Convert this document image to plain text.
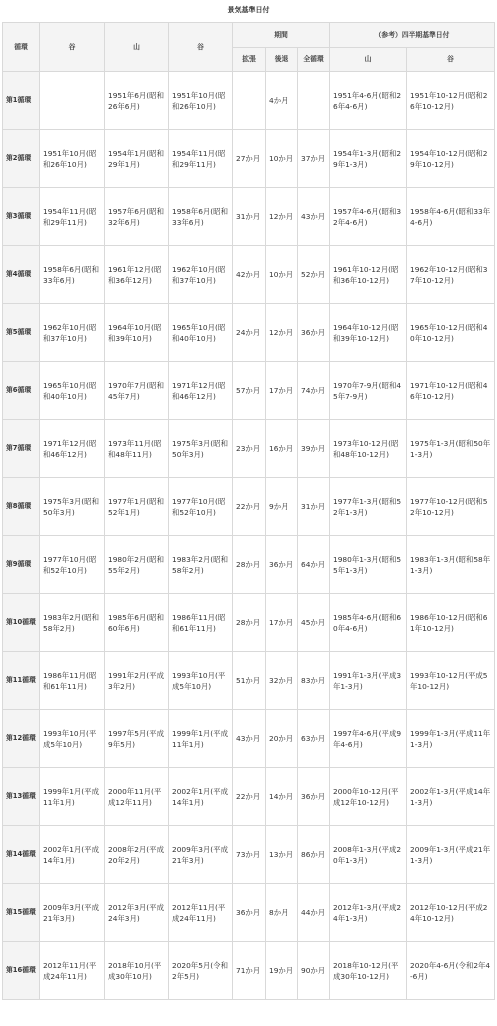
景気基準日付
循環	谷	山	谷	期間			（参考）四半期基準日付	
				拡張	後退	全循環	山	谷
第1循環		1951年6月(昭和26年6月)	1951年10月(昭和26年10月)		4か月		1951年4-6月(昭和26年4-6月)	1951年10-12月(昭和26年10-12月)
第2循環	1951年10月(昭和26年10月)	1954年1月(昭和29年1月)	1954年11月(昭和29年11月)	27か月	10か月	37か月	1954年1-3月(昭和29年1-3月)	1954年10-12月(昭和29年10-12月)
第3循環	1954年11月(昭和29年11月)	1957年6月(昭和32年6月)	1958年6月(昭和33年6月)	31か月	12か月	43か月	1957年4-6月(昭和32年4-6月)	1958年4-6月(昭和33年4-6月)
第4循環	1958年6月(昭和33年6月)	1961年12月(昭和36年12月)	1962年10月(昭和37年10月)	42か月	10か月	52か月	1961年10-12月(昭和36年10-12月)	1962年10-12月(昭和37年10-12月)
第5循環	1962年10月(昭和37年10月)	1964年10月(昭和39年10月)	1965年10月(昭和40年10月)	24か月	12か月	36か月	1964年10-12月(昭和39年10-12月)	1965年10-12月(昭和40年10-12月)
第6循環	1965年10月(昭和40年10月)	1970年7月(昭和45年7月)	1971年12月(昭和46年12月)	57か月	17か月	74か月	1970年7-9月(昭和45年7-9月)	1971年10-12月(昭和46年10-12月)
第7循環	1971年12月(昭和46年12月)	1973年11月(昭和48年11月)	1975年3月(昭和50年3月)	23か月	16か月	39か月	1973年10-12月(昭和48年10-12月)	1975年1-3月(昭和50年1-3月)
第8循環	1975年3月(昭和50年3月)	1977年1月(昭和52年1月)	1977年10月(昭和52年10月)	22か月	9か月	31か月	1977年1-3月(昭和52年1-3月)	1977年10-12月(昭和52年10-12月)
第9循環	1977年10月(昭和52年10月)	1980年2月(昭和55年2月)	1983年2月(昭和58年2月)	28か月	36か月	64か月	1980年1-3月(昭和55年1-3月)	1983年1-3月(昭和58年1-3月)
第10循環	1983年2月(昭和58年2月)	1985年6月(昭和60年6月)	1986年11月(昭和61年11月)	28か月	17か月	45か月	1985年4-6月(昭和60年4-6月)	1986年10-12月(昭和61年10-12月)
第11循環	1986年11月(昭和61年11月)	1991年2月(平成3年2月)	1993年10月(平成5年10月)	51か月	32か月	83か月	1991年1-3月(平成3年1-3月)	1993年10-12月(平成5年10-12月)
第12循環	1993年10月(平成5年10月)	1997年5月(平成9年5月)	1999年1月(平成11年1月)	43か月	20か月	63か月	1997年4-6月(平成9年4-6月)	1999年1-3月(平成11年1-3月)
第13循環	1999年1月(平成11年1月)	2000年11月(平成12年11月)	2002年1月(平成14年1月)	22か月	14か月	36か月	2000年10-12月(平成12年10-12月)	2002年1-3月(平成14年1-3月)
第14循環	2002年1月(平成14年1月)	2008年2月(平成20年2月)	2009年3月(平成21年3月)	73か月	13か月	86か月	2008年1-3月(平成20年1-3月)	2009年1-3月(平成21年1-3月)
第15循環	2009年3月(平成21年3月)	2012年3月(平成24年3月)	2012年11月(平成24年11月)	36か月	8か月	44か月	2012年1-3月(平成24年1-3月)	2012年10-12月(平成24年10-12月)
第16循環	2012年11月(平成24年11月)	2018年10月(平成30年10月)	2020年5月(令和2年5月)	71か月	19か月	90か月	2018年10-12月(平成30年10-12月)	2020年4-6月(令和2年4-6月)
